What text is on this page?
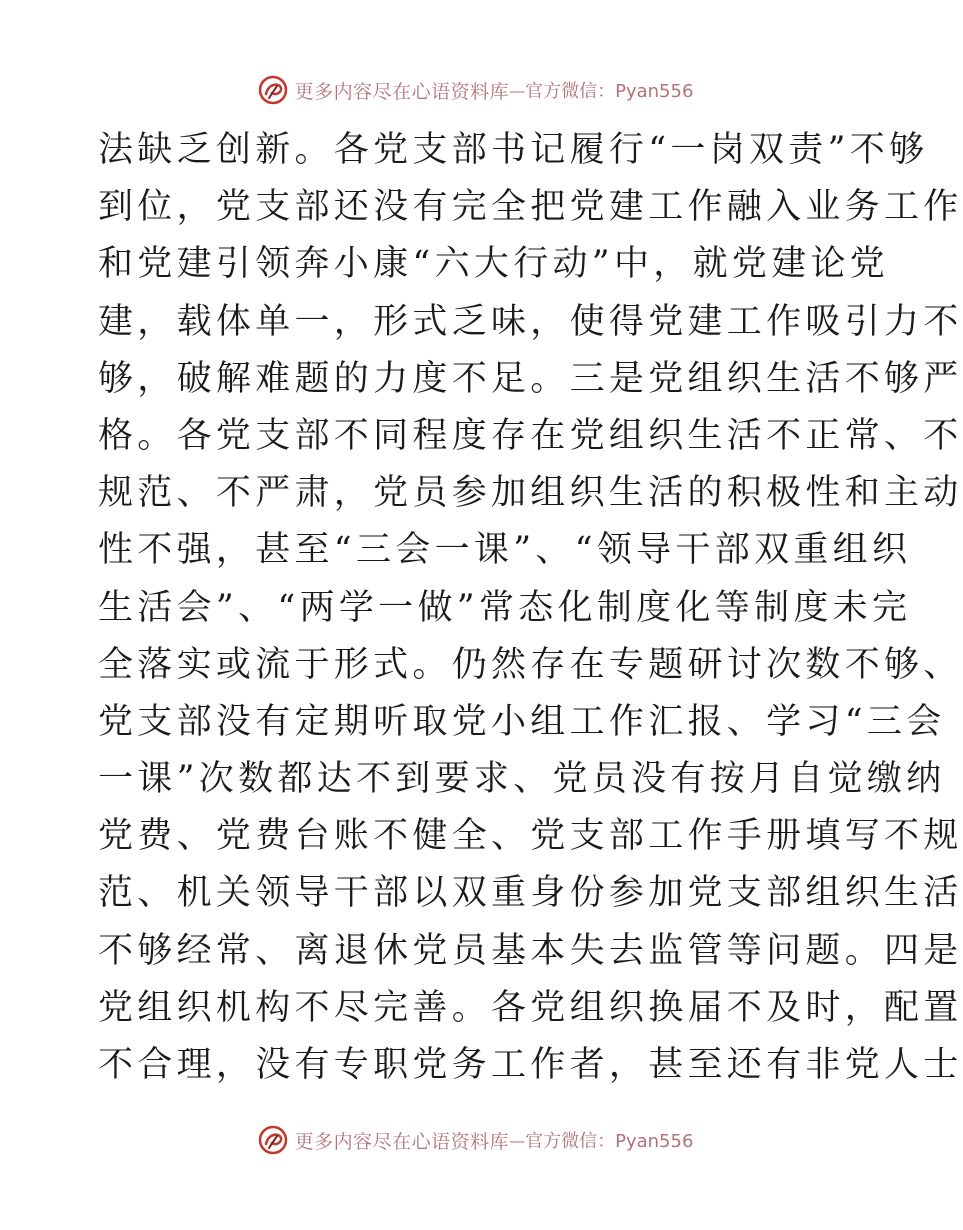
更多内容尽在心语资料库 — 官方微信：Pyan556
法缺乏创新。各党支部书记履行“一岗双责”不够
到位，党支部还没有完全把党建工作融入业务工作
和党建引领奔小康“六大行动”中，就党建论党
建，载体单一，形式乏味，使得党建工作吸引力不
够，破解难题的力度不足。三是党组织生活不够严
格。各党支部不同程度存在党组织生活不正常、不
规范、不严肃，党员参加组织生活的积极性和主动
性不强，甚至“三会一课”、“领导干部双重组织
生活会”、“两学一做”常态化制度化等制度未完
全落实或流于形式。仍然存在专题研讨次数不够、
党支部没有定期听取党小组工作汇报、学习“三会
一课”次数都达不到要求、党员没有按月自觉缴纳
党费、党费台账不健全、党支部工作手册填写不规
范、机关领导干部以双重身份参加党支部组织生活
不够经常、离退休党员基本失去监管等问题。四是
党组织机构不尽完善。各党组织换届不及时，配置
不合理，没有专职党务工作者，甚至还有非党人士
更多内容尽在心语资料库 — 官方微信：Pyan556
